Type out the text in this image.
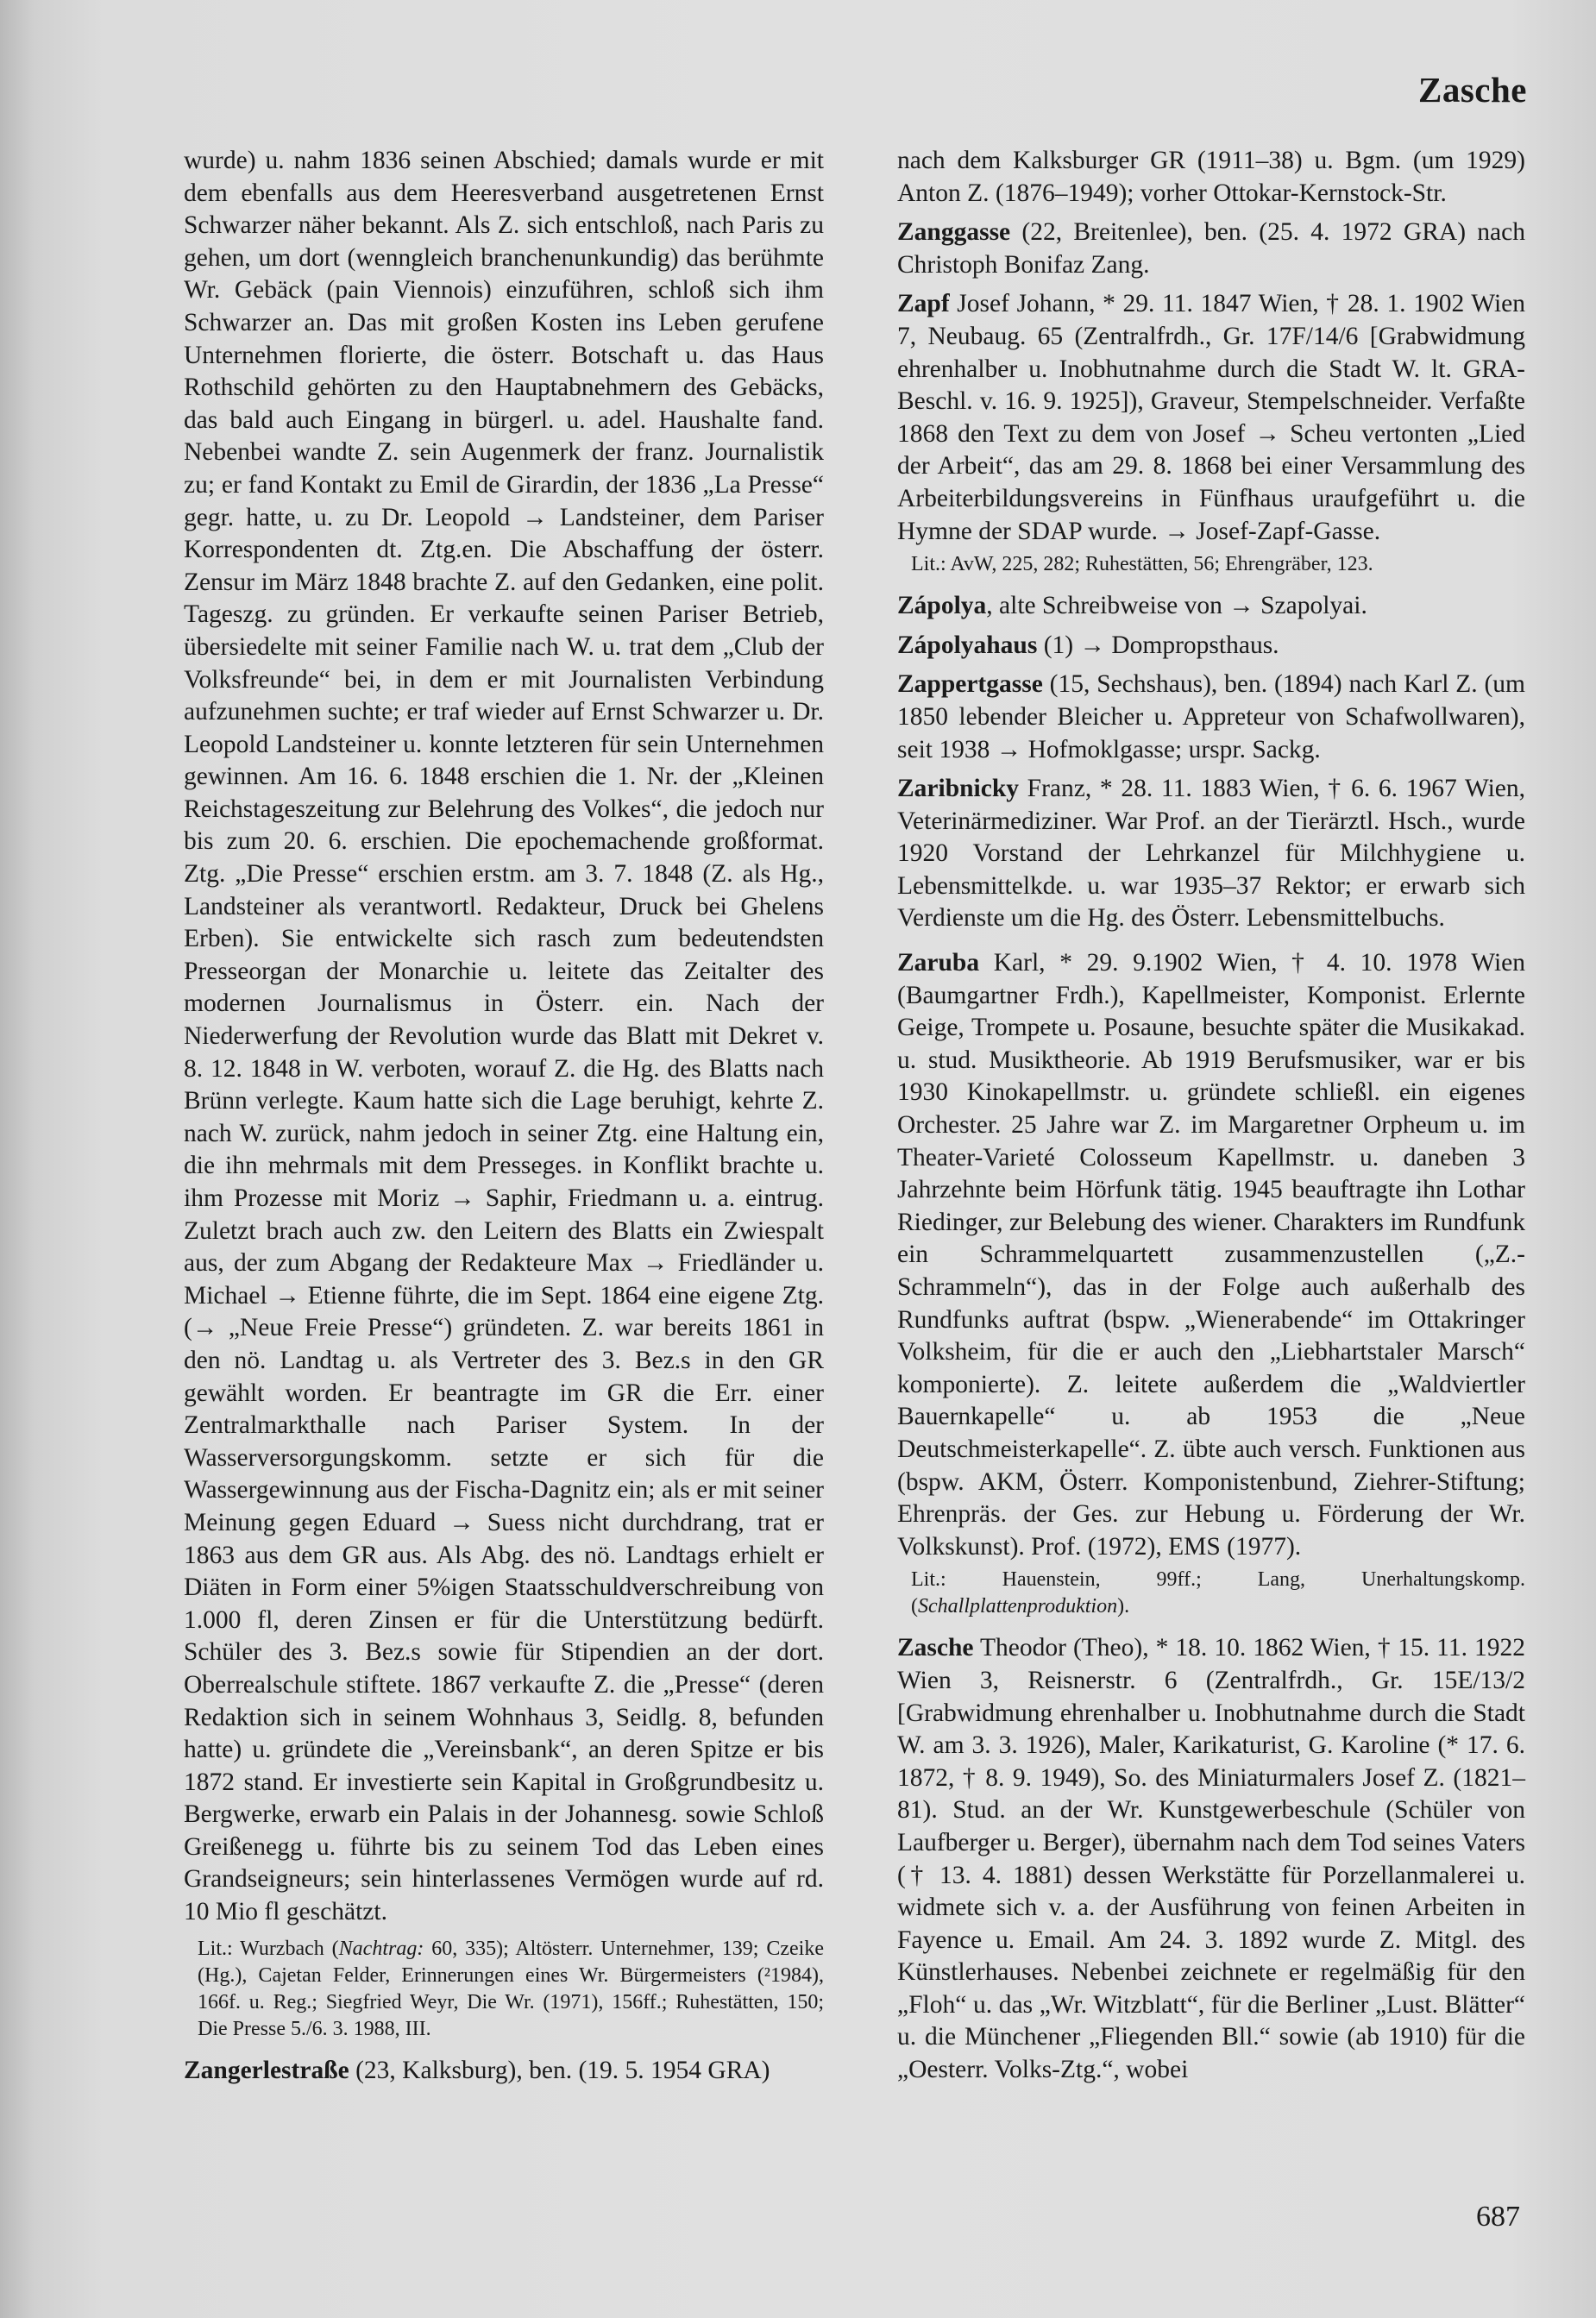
Zasche

wurde) u. nahm 1836 seinen Abschied; damals wurde er mit dem ebenfalls aus dem Heeresverband ausgetretenen Ernst Schwarzer näher bekannt. Als Z. sich entschloß, nach Paris zu gehen, um dort (wenngleich branchenunkundig) das berühmte Wr. Gebäck (pain Viennois) einzuführen, schloß sich ihm Schwarzer an. Das mit großen Kosten ins Leben gerufene Unternehmen florierte, die österr. Botschaft u. das Haus Rothschild gehörten zu den Hauptabnehmern des Gebäcks, das bald auch Eingang in bürgerl. u. adel. Haushalte fand. Nebenbei wandte Z. sein Augenmerk der franz. Journalistik zu; er fand Kontakt zu Emil de Girardin, der 1836 „La Presse“ gegr. hatte, u. zu Dr. Leopold → Landsteiner, dem Pariser Korrespondenten dt. Ztg.en. Die Abschaffung der österr. Zensur im März 1848 brachte Z. auf den Gedanken, eine polit. Tageszg. zu gründen. Er verkaufte seinen Pariser Betrieb, übersiedelte mit seiner Familie nach W. u. trat dem „Club der Volksfreunde“ bei, in dem er mit Journalisten Verbindung aufzunehmen suchte; er traf wieder auf Ernst Schwarzer u. Dr. Leopold Landsteiner u. konnte letzteren für sein Unternehmen gewinnen. Am 16. 6. 1848 erschien die 1. Nr. der „Kleinen Reichstageszeitung zur Belehrung des Volkes“, die jedoch nur bis zum 20. 6. erschien. Die epochemachende großformat. Ztg. „Die Presse“ erschien erstm. am 3. 7. 1848 (Z. als Hg., Landsteiner als verantwortl. Redakteur, Druck bei Ghelens Erben). Sie entwickelte sich rasch zum bedeutendsten Presseorgan der Monarchie u. leitete das Zeitalter des modernen Journalismus in Österr. ein. Nach der Niederwerfung der Revolution wurde das Blatt mit Dekret v. 8. 12. 1848 in W. verboten, worauf Z. die Hg. des Blatts nach Brünn verlegte. Kaum hatte sich die Lage beruhigt, kehrte Z. nach W. zurück, nahm jedoch in seiner Ztg. eine Haltung ein, die ihn mehrmals mit dem Presseges. in Konflikt brachte u. ihm Prozesse mit Moriz → Saphir, Friedmann u. a. eintrug. Zuletzt brach auch zw. den Leitern des Blatts ein Zwiespalt aus, der zum Abgang der Redakteure Max → Friedländer u. Michael → Etienne führte, die im Sept. 1864 eine eigene Ztg. (→ „Neue Freie Presse“) gründeten. Z. war bereits 1861 in den nö. Landtag u. als Vertreter des 3. Bez.s in den GR gewählt worden. Er beantragte im GR die Err. einer Zentralmarkthalle nach Pariser System. In der Wasserversorgungskomm. setzte er sich für die Wassergewinnung aus der Fischa-Dagnitz ein; als er mit seiner Meinung gegen Eduard → Suess nicht durchdrang, trat er 1863 aus dem GR aus. Als Abg. des nö. Landtags erhielt er Diäten in Form einer 5%igen Staatsschuldverschreibung von 1.000 fl, deren Zinsen er für die Unterstützung bedürft. Schüler des 3. Bez.s sowie für Stipendien an der dort. Oberrealschule stiftete. 1867 verkaufte Z. die „Presse“ (deren Redaktion sich in seinem Wohnhaus 3, Seidlg. 8, befunden hatte) u. gründete die „Vereinsbank“, an deren Spitze er bis 1872 stand. Er investierte sein Kapital in Großgrundbesitz u. Bergwerke, erwarb ein Palais in der Johannesg. sowie Schloß Greißenegg u. führte bis zu seinem Tod das Leben eines Grandseigneurs; sein hinterlassenes Vermögen wurde auf rd. 10 Mio fl geschätzt.

Lit.: Wurzbach (Nachtrag: 60, 335); Altösterr. Unternehmer, 139; Czeike (Hg.), Cajetan Felder, Erinnerungen eines Wr. Bürgermeisters (²1984), 166f. u. Reg.; Siegfried Weyr, Die Wr. (1971), 156ff.; Ruhestätten, 150; Die Presse 5./6. 3. 1988, III.

Zangerlestraße (23, Kalksburg), ben. (19. 5. 1954 GRA)

nach dem Kalksburger GR (1911–38) u. Bgm. (um 1929) Anton Z. (1876–1949); vorher Ottokar-Kernstock-Str.

Zanggasse (22, Breitenlee), ben. (25. 4. 1972 GRA) nach Christoph Bonifaz Zang.

Zapf Josef Johann, * 29. 11. 1847 Wien, † 28. 1. 1902 Wien 7, Neubaug. 65 (Zentralfrdh., Gr. 17F/14/6 [Grabwidmung ehrenhalber u. Inobhutnahme durch die Stadt W. lt. GRA-Beschl. v. 16. 9. 1925]), Graveur, Stempelschneider. Verfaßte 1868 den Text zu dem von Josef → Scheu vertonten „Lied der Arbeit“, das am 29. 8. 1868 bei einer Versammlung des Arbeiterbildungsvereins in Fünfhaus uraufgeführt u. die Hymne der SDAP wurde. → Josef-Zapf-Gasse.

Lit.: AvW, 225, 282; Ruhestätten, 56; Ehrengräber, 123.

Zápolya, alte Schreibweise von → Szapolyai.

Zápolyahaus (1) → Dompropsthaus.

Zappertgasse (15, Sechshaus), ben. (1894) nach Karl Z. (um 1850 lebender Bleicher u. Appreteur von Schafwollwaren), seit 1938 → Hofmoklgasse; urspr. Sackg.

Zaribnicky Franz, * 28. 11. 1883 Wien, † 6. 6. 1967 Wien, Veterinärmediziner. War Prof. an der Tierärztl. Hsch., wurde 1920 Vorstand der Lehrkanzel für Milchhygiene u. Lebensmittelkde. u. war 1935–37 Rektor; er erwarb sich Verdienste um die Hg. des Österr. Lebensmittelbuchs.

Zaruba Karl, * 29. 9.1902 Wien, † 4. 10. 1978 Wien (Baumgartner Frdh.), Kapellmeister, Komponist. Erlernte Geige, Trompete u. Posaune, besuchte später die Musikakad. u. stud. Musiktheorie. Ab 1919 Berufsmusiker, war er bis 1930 Kinokapellmstr. u. gründete schließl. ein eigenes Orchester. 25 Jahre war Z. im Margaretner Orpheum u. im Theater-Varieté Colosseum Kapellmstr. u. daneben 3 Jahrzehnte beim Hörfunk tätig. 1945 beauftragte ihn Lothar Riedinger, zur Belebung des wiener. Charakters im Rundfunk ein Schrammelquartett zusammenzustellen („Z.-Schrammeln“), das in der Folge auch außerhalb des Rundfunks auftrat (bspw. „Wienerabende“ im Ottakringer Volksheim, für die er auch den „Liebhartstaler Marsch“ komponierte). Z. leitete außerdem die „Waldviertler Bauernkapelle“ u. ab 1953 die „Neue Deutschmeisterkapelle“. Z. übte auch versch. Funktionen aus (bspw. AKM, Österr. Komponistenbund, Ziehrer-Stiftung; Ehrenpräs. der Ges. zur Hebung u. Förderung der Wr. Volkskunst). Prof. (1972), EMS (1977).

Lit.: Hauenstein, 99ff.; Lang, Unerhaltungskomp. (Schallplattenproduktion).

Zasche Theodor (Theo), * 18. 10. 1862 Wien, † 15. 11. 1922 Wien 3, Reisnerstr. 6 (Zentralfrdh., Gr. 15E/13/2 [Grabwidmung ehrenhalber u. Inobhutnahme durch die Stadt W. am 3. 3. 1926), Maler, Karikaturist, G. Karoline (* 17. 6. 1872, † 8. 9. 1949), So. des Miniaturmalers Josef Z. (1821–81). Stud. an der Wr. Kunstgewerbeschule (Schüler von Laufberger u. Berger), übernahm nach dem Tod seines Vaters († 13. 4. 1881) dessen Werkstätte für Porzellanmalerei u. widmete sich v. a. der Ausführung von feinen Arbeiten in Fayence u. Email. Am 24. 3. 1892 wurde Z. Mitgl. des Künstlerhauses. Nebenbei zeichnete er regelmäßig für den „Floh“ u. das „Wr. Witzblatt“, für die Berliner „Lust. Blätter“ u. die Münchener „Fliegenden Bll.“ sowie (ab 1910) für die „Oesterr. Volks-Ztg.“, wobei

687
